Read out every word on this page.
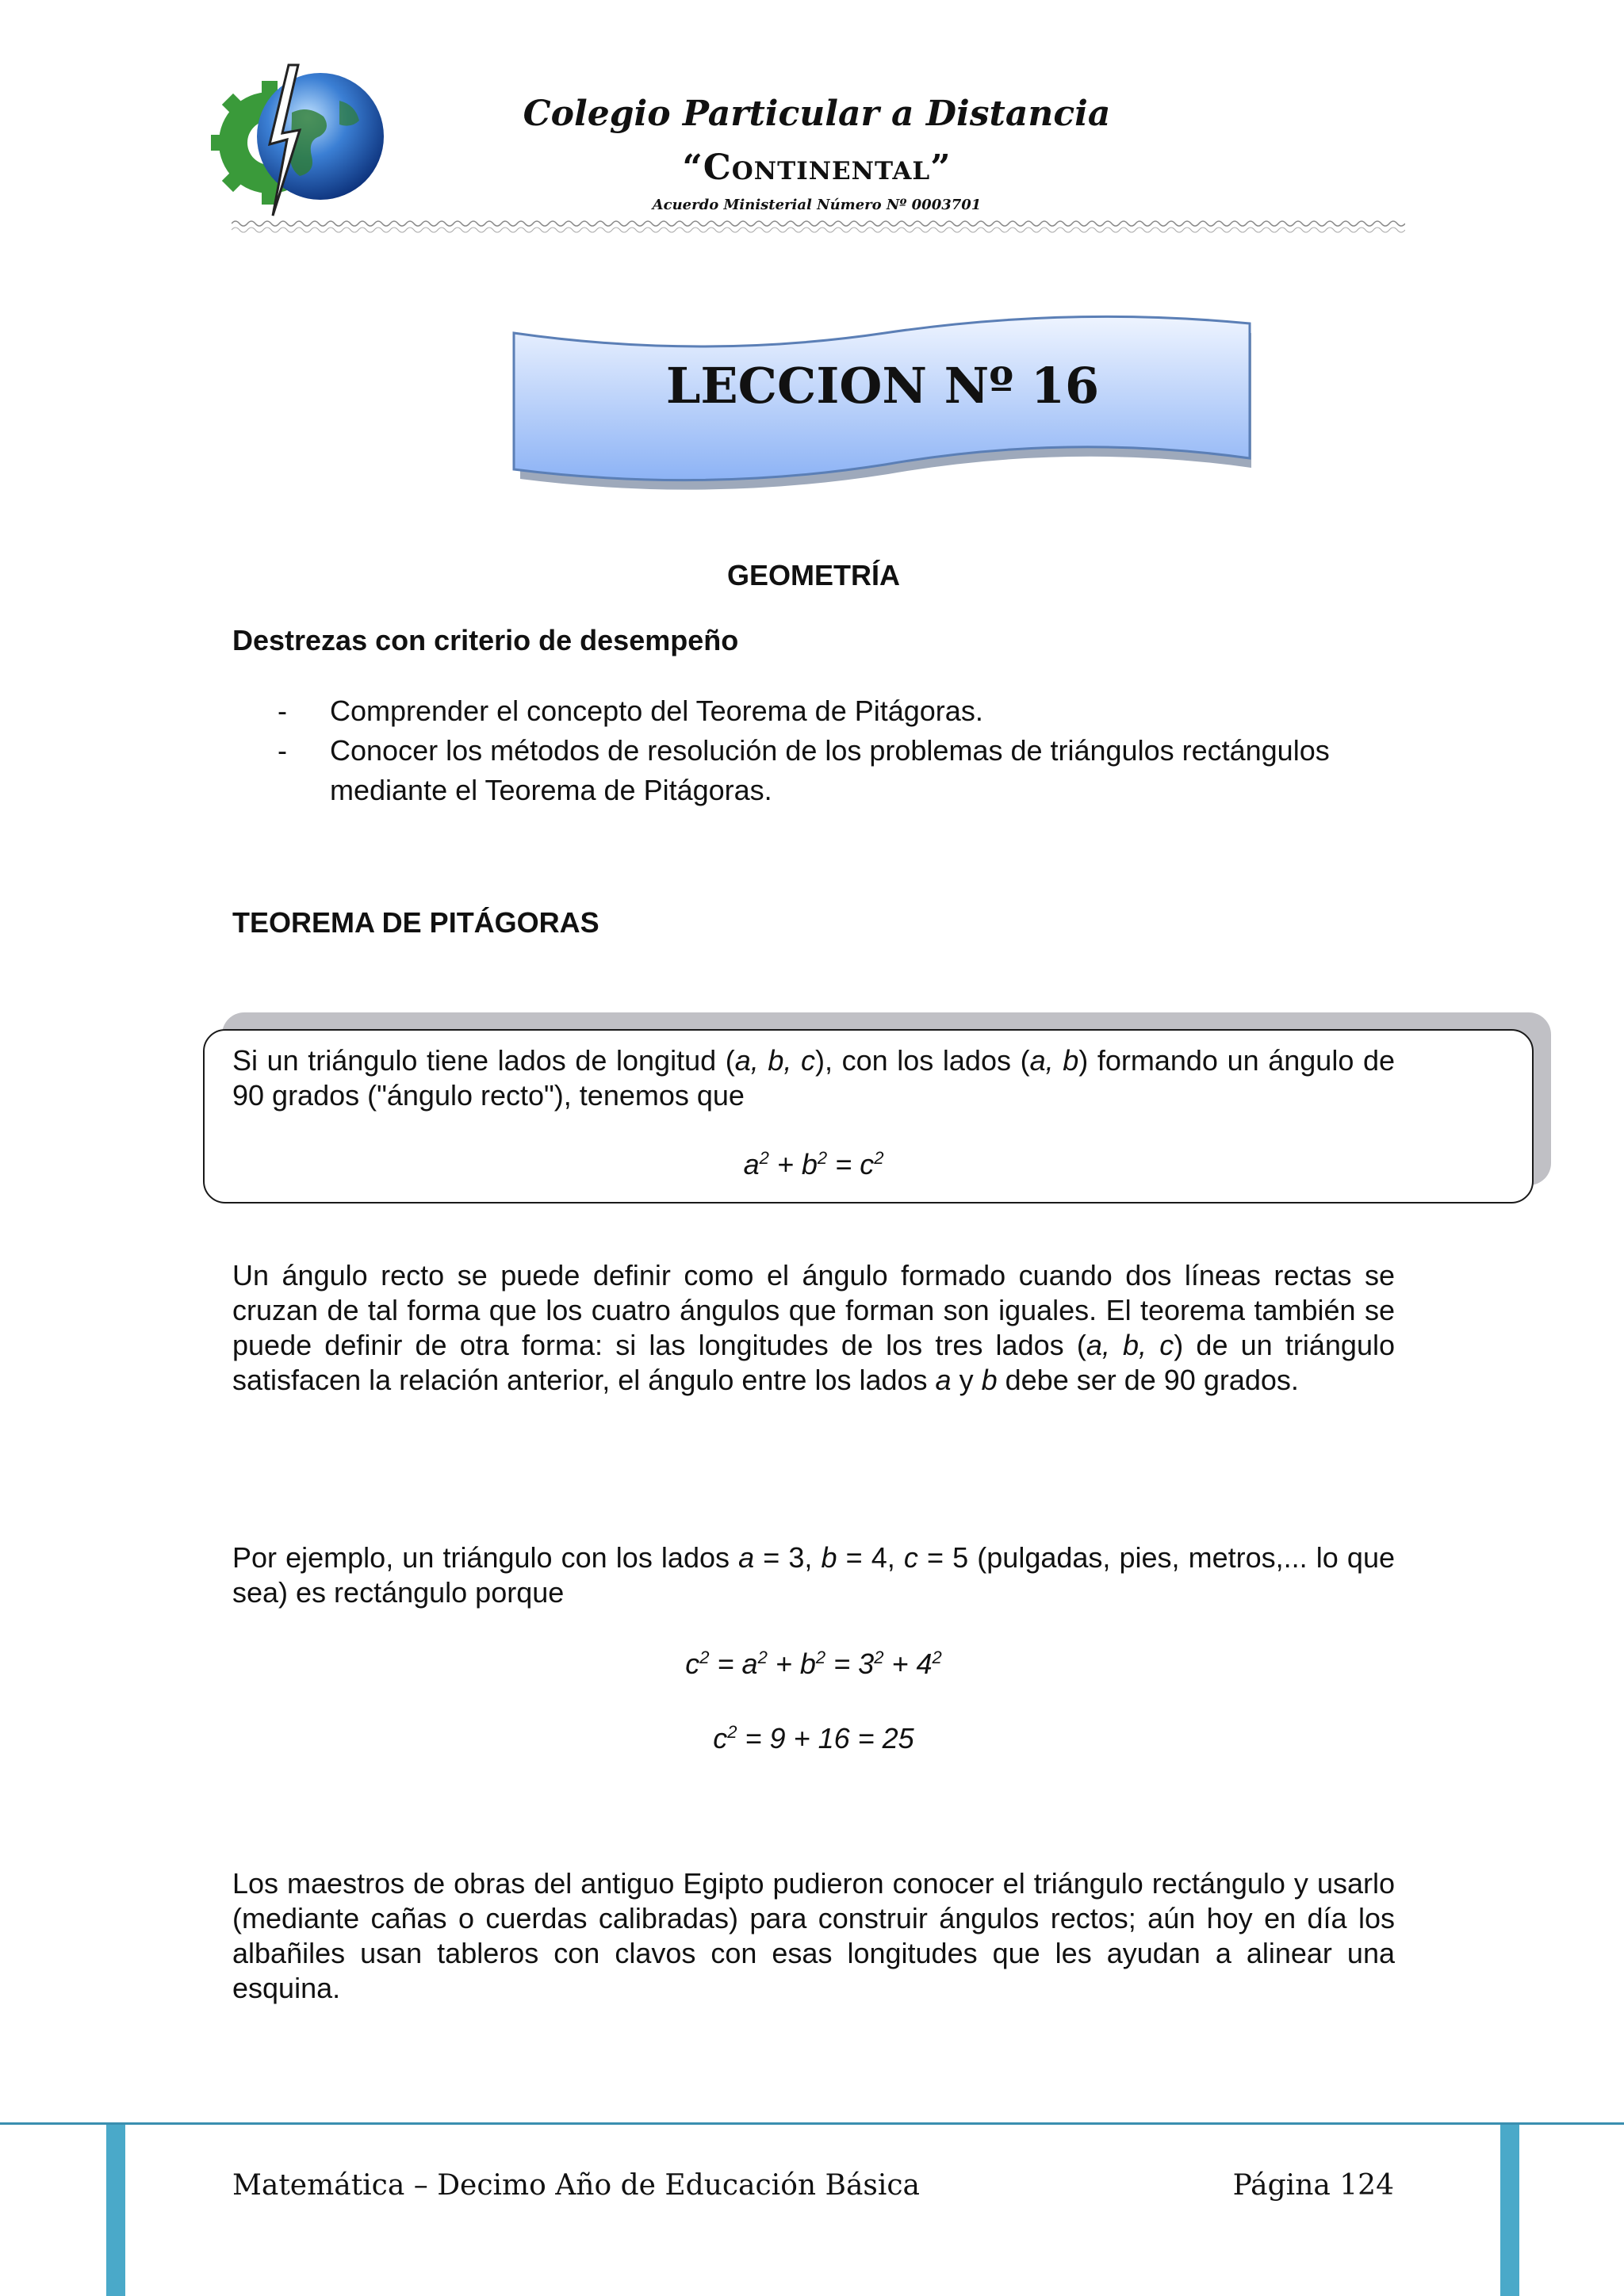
Colegio Particular a Distancia
“Continental”
Acuerdo Ministerial Número Nº 0003701
LECCION Nº 16
GEOMETRÍA
Destrezas con criterio de desempeño
- Comprender el concepto del Teorema de Pitágoras.
- Conocer los métodos de resolución de los problemas de triángulos rectángulos mediante el Teorema de Pitágoras.
TEOREMA DE PITÁGORAS
Si un triángulo tiene lados de longitud (a, b, c), con los lados (a, b) formando un ángulo de 90 grados ("ángulo recto"), tenemos que
$a^2 + b^2 = c^2$
Un ángulo recto se puede definir como el ángulo formado cuando dos líneas rectas se cruzan de tal forma que los cuatro ángulos que forman son iguales. El teorema también se puede definir de otra forma: si las longitudes de los tres lados (a, b, c) de un triángulo satisfacen la relación anterior, el ángulo entre los lados a y b debe ser de 90 grados.
Por ejemplo, un triángulo con los lados a = 3, b = 4, c = 5 (pulgadas, pies, metros,... lo que sea) es rectángulo porque
$c^2 = a^2 + b^2 = 3^2 + 4^2$
$c^2 = 9 + 16 = 25$
Los maestros de obras del antiguo Egipto pudieron conocer el triángulo rectángulo y usarlo (mediante cañas o cuerdas calibradas) para construir ángulos rectos; aún hoy en día los albañiles usan tableros con clavos con esas longitudes que les ayudan a alinear una esquina.
Matemática – Decimo Año de Educación Básica	Página 124
